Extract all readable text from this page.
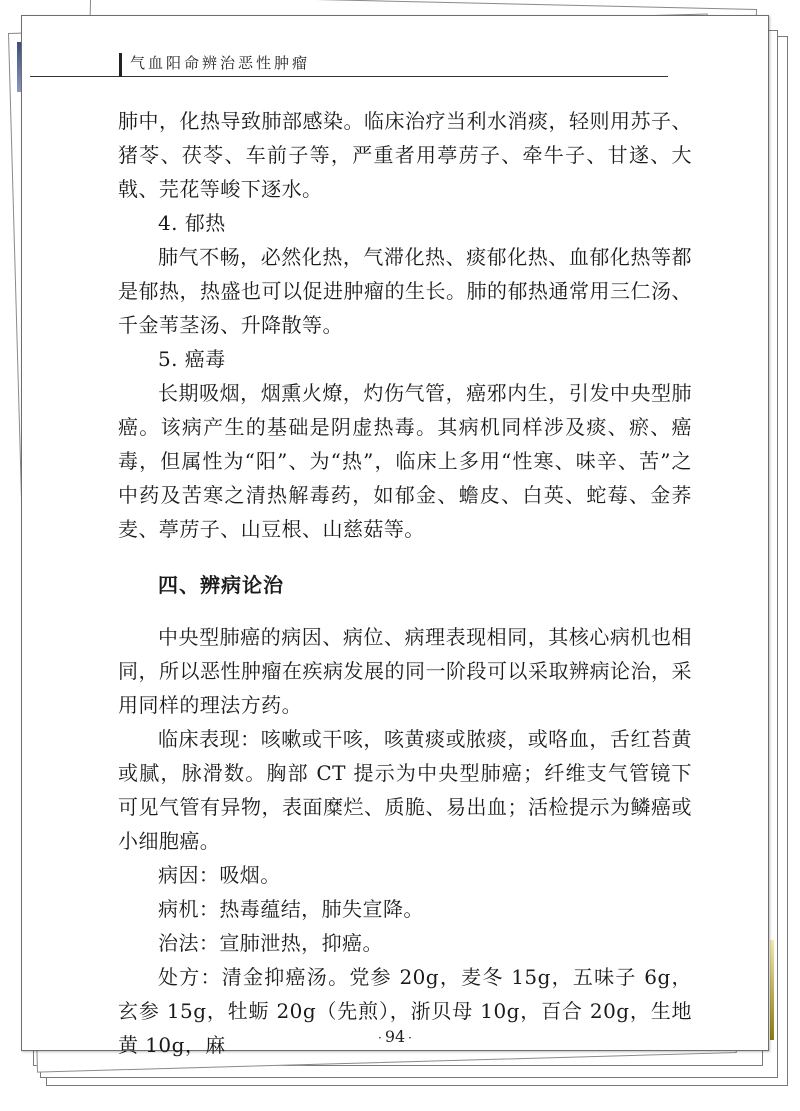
气血阳命辨治恶性肿瘤

肺中，化热导致肺部感染。临床治疗当利水消痰，轻则用苏子、猪苓、茯苓、车前子等，严重者用葶苈子、牵牛子、甘遂、大戟、芫花等峻下逐水。

4. 郁热

肺气不畅，必然化热，气滞化热、痰郁化热、血郁化热等都是郁热，热盛也可以促进肿瘤的生长。肺的郁热通常用三仁汤、千金苇茎汤、升降散等。

5. 癌毒

长期吸烟，烟熏火燎，灼伤气管，癌邪内生，引发中央型肺癌。该病产生的基础是阴虚热毒。其病机同样涉及痰、瘀、癌毒，但属性为“阳”、为“热”，临床上多用“性寒、味辛、苦”之中药及苦寒之清热解毒药，如郁金、蟾皮、白英、蛇莓、金荞麦、葶苈子、山豆根、山慈菇等。

四、辨病论治

中央型肺癌的病因、病位、病理表现相同，其核心病机也相同，所以恶性肿瘤在疾病发展的同一阶段可以采取辨病论治，采用同样的理法方药。

临床表现：咳嗽或干咳，咳黄痰或脓痰，或咯血，舌红苔黄或腻，脉滑数。胸部 CT 提示为中央型肺癌；纤维支气管镜下可见气管有异物，表面糜烂、质脆、易出血；活检提示为鳞癌或小细胞癌。

病因：吸烟。

病机：热毒蕴结，肺失宣降。

治法：宣肺泄热，抑癌。

处方：清金抑癌汤。党参 20g，麦冬 15g，五味子 6g，玄参 15g，牡蛎 20g（先煎），浙贝母 10g，百合 20g，生地黄 10g，麻	· 94 ·
